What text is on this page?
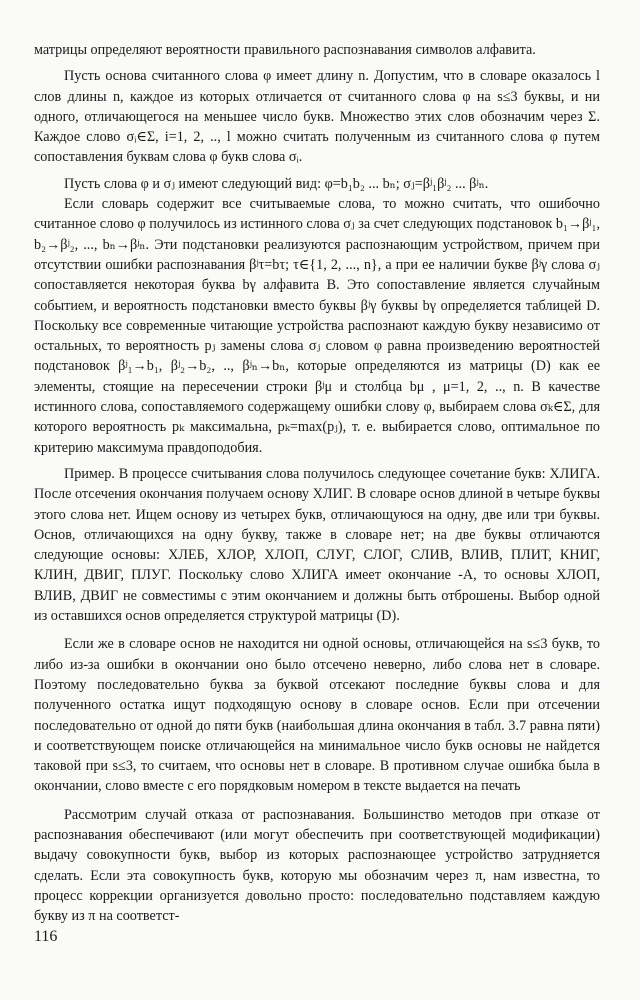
матрицы определяют вероятности правильного распознавания символов алфавита.

Пусть основа считанного слова φ имеет длину n. Допустим, что в словаре оказалось l слов длины n, каждое из которых отличается от считанного слова φ на s≤3 буквы, и ни одного, отличающегося на меньшее число букв. Множество этих слов обозначим через Σ. Каждое слово σᵢ∈Σ, i=1, 2, .., l можно считать полученным из считанного слова φ путем сопоставления буквам слова φ букв слова σᵢ.

Пусть слова φ и σⱼ имеют следующий вид: φ=b₁b₂ ... bₙ; σⱼ=βʲ₁βʲ₂ ... βʲₙ.

Если словарь содержит все считываемые слова, то можно считать, что ошибочно считанное слово φ получилось из истинного слова σⱼ за счет следующих подстановок b₁→βʲ₁, b₂→βʲ₂, ..., bₙ→βʲₙ. Эти подстановки реализуются распознающим устройством, причем при отсутствии ошибки распознавания βʲτ=bτ; τ∈{1, 2, ..., n}, а при ее наличии букве βʲγ слова σⱼ сопоставляется некоторая буква bγ алфавита B. Это сопоставление является случайным событием, и вероятность подстановки вместо буквы βʲγ буквы bγ определяется таблицей D. Поскольку все современные читающие устройства распознают каждую букву независимо от остальных, то вероятность pⱼ замены слова σⱼ словом φ равна произведению вероятностей подстановок βʲ₁→b₁, βʲ₂→b₂, .., βʲₙ→bₙ, которые определяются из матрицы (D) как ее элементы, стоящие на пересечении строки βʲμ и столбца bμ , μ=1, 2, .., n. В качестве истинного слова, сопоставляемого содержащему ошибки слову φ, выбираем слова σₖ∈Σ, для которого вероятность pₖ максимальна, pₖ=max(pⱼ), т. е. выбирается слово, оптимальное по критерию максимума правдоподобия.

Пример. В процессе считывания слова получилось следующее сочетание букв: ХЛИГА. После отсечения окончания получаем основу ХЛИГ. В словаре основ длиной в четыре буквы этого слова нет. Ищем основу из четырех букв, отличающуюся на одну, две или три буквы. Основ, отличающихся на одну букву, также в словаре нет; на две буквы отличаются следующие основы: ХЛЕБ, ХЛОР, ХЛОП, СЛУГ, СЛОГ, СЛИВ, ВЛИВ, ПЛИТ, КНИГ, КЛИН, ДВИГ, ПЛУГ. Поскольку слово ХЛИГА имеет окончание -А, то основы ХЛОП, ВЛИВ, ДВИГ не совместимы с этим окончанием и должны быть отброшены. Выбор одной из оставшихся основ определяется структурой матрицы (D).

Если же в словаре основ не находится ни одной основы, отличающейся на s≤3 букв, то либо из-за ошибки в окончании оно было отсечено неверно, либо слова нет в словаре. Поэтому последовательно буква за буквой отсекают последние буквы слова и для полученного остатка ищут подходящую основу в словаре основ. Если при отсечении последовательно от одной до пяти букв (наибольшая длина окончания в табл. 3.7 равна пяти) и соответствующем поиске отличающейся на минимальное число букв основы не найдется таковой при s≤3, то считаем, что основы нет в словаре. В противном случае ошибка была в окончании, слово вместе с его порядковым номером в тексте выдается на печать

Рассмотрим случай отказа от распознавания. Большинство методов при отказе от распознавания обеспечивают (или могут обеспечить при соответствующей модификации) выдачу совокупности букв, выбор из которых распознающее устройство затрудняется сделать. Если эта совокупность букв, которую мы обозначим через π, нам известна, то процесс коррекции организуется довольно просто: последовательно подставляем каждую букву из π на соответст-

116
